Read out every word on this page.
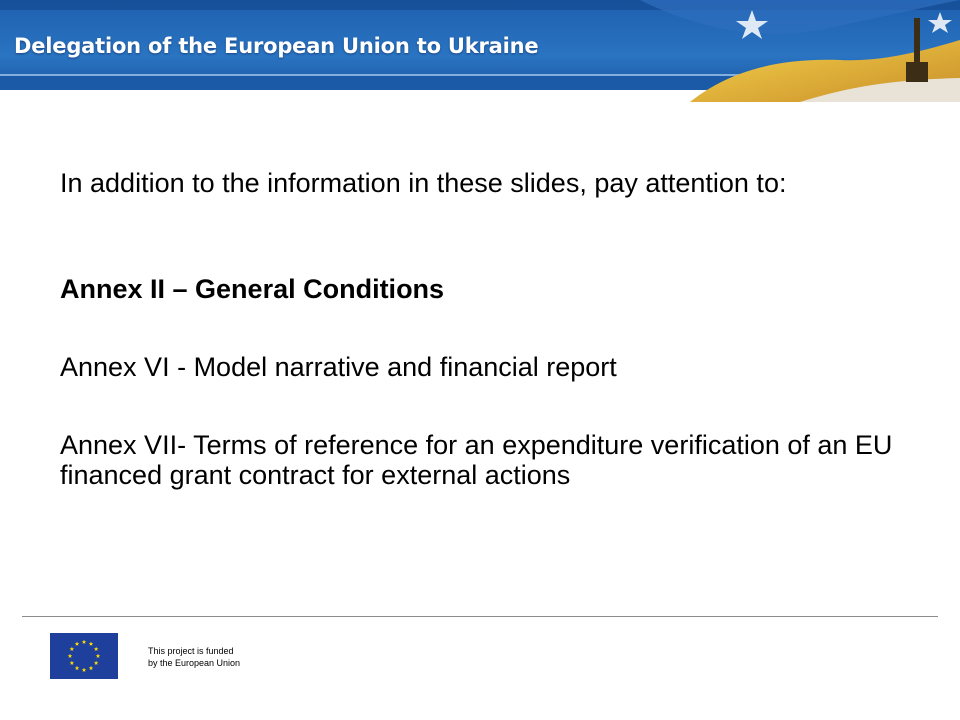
Delegation of the European Union to Ukraine

In addition to the information in these slides, pay attention to:

Annex II – General Conditions

Annex VI - Model narrative and financial report

Annex VII- Terms of reference for an expenditure verification of an EU financed grant contract for external actions

This project is funded
by the European Union
